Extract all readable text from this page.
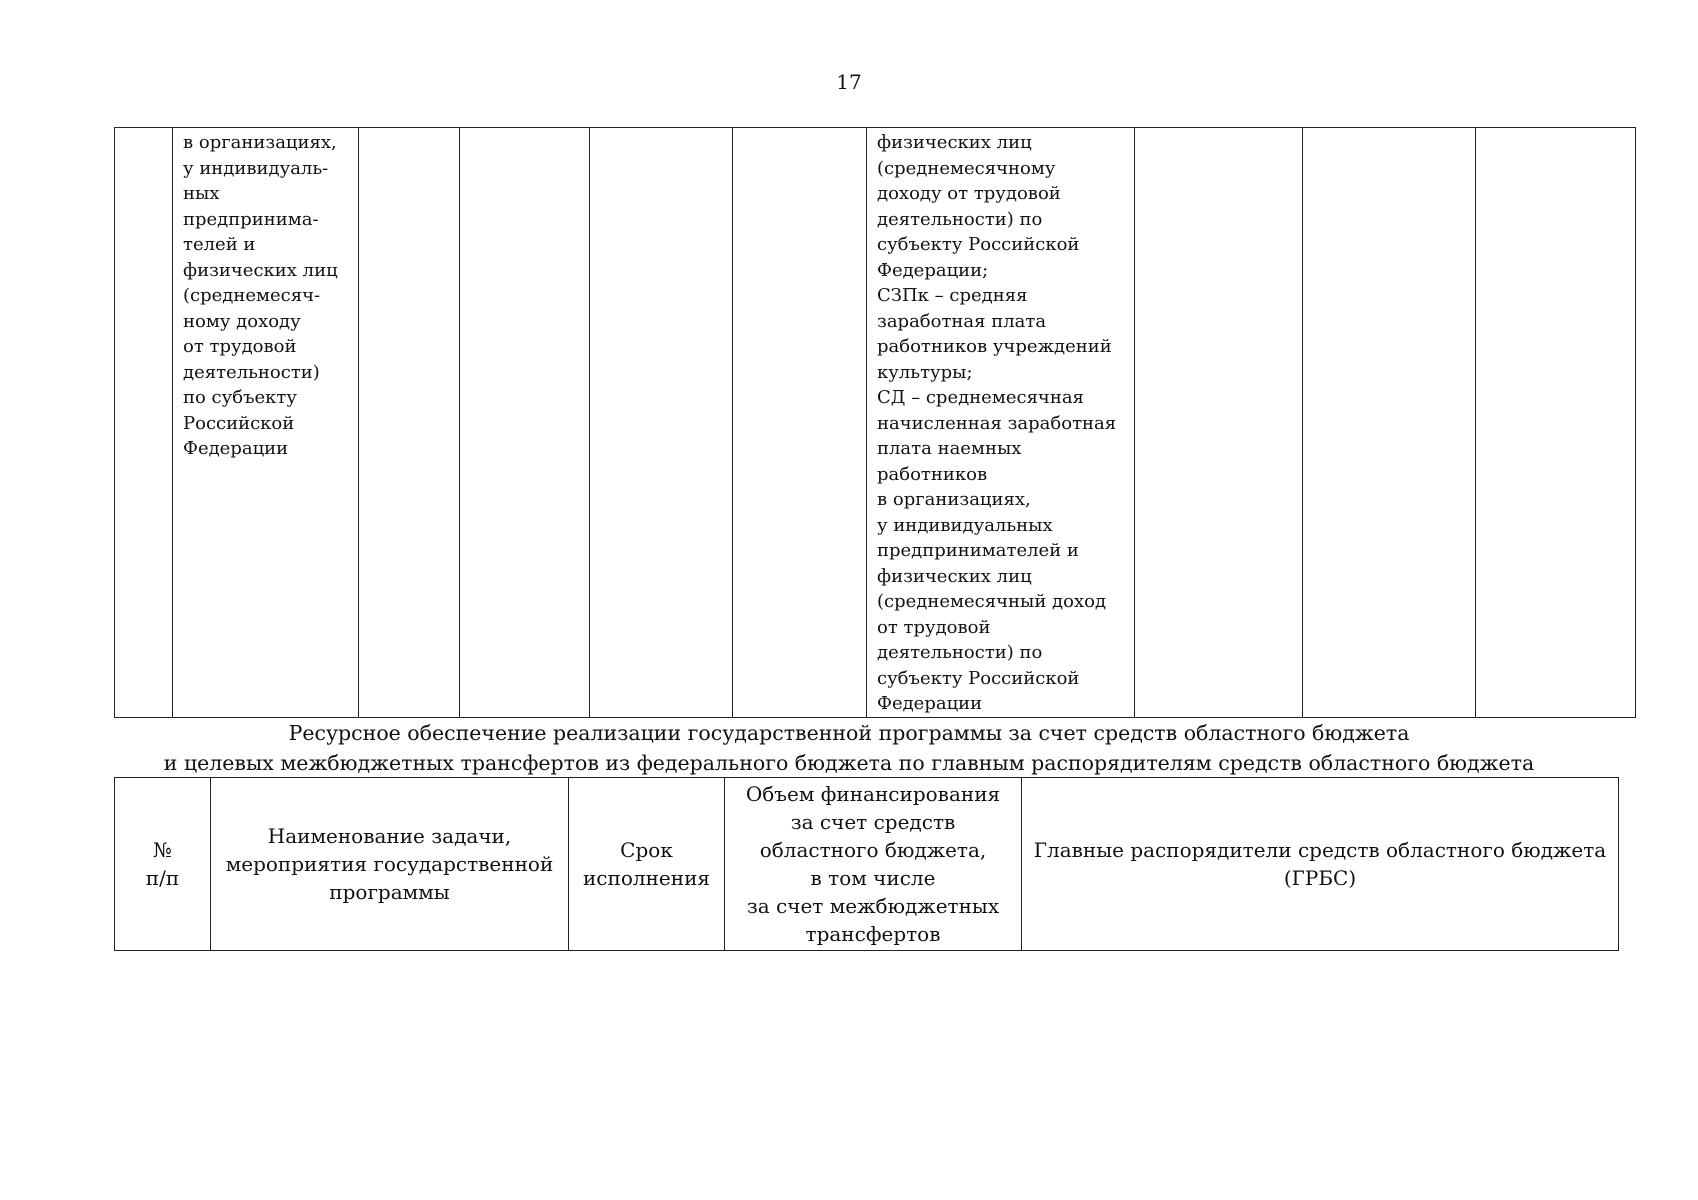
17
	в организациях,
у индивидуаль-
ных
предпринима-
телей и
физических лиц
(среднемесяч-
ному доходу
от трудовой
деятельности)
по субъекту
Российской
Федерации					физических лиц
(среднемесячному
доходу от трудовой
деятельности) по
субъекту Российской
Федерации;
СЗПк – средняя
заработная плата
работников учреждений
культуры;
СД – среднемесячная
начисленная заработная
плата наемных
работников
в организациях,
у индивидуальных
предпринимателей и
физических лиц
(среднемесячный доход
от трудовой
деятельности) по
субъекту Российской
Федерации			
Ресурсное обеспечение реализации государственной программы за счет средств областного бюджета
и целевых межбюджетных трансфертов из федерального бюджета по главным распорядителям средств областного бюджета
№
п/п	Наименование задачи,
мероприятия государственной
программы	Срок
исполнения	Объем финансирования
за счет средств
областного бюджета,
в том числе
за счет межбюджетных
трансфертов	Главные распорядители средств областного бюджета
(ГРБС)
